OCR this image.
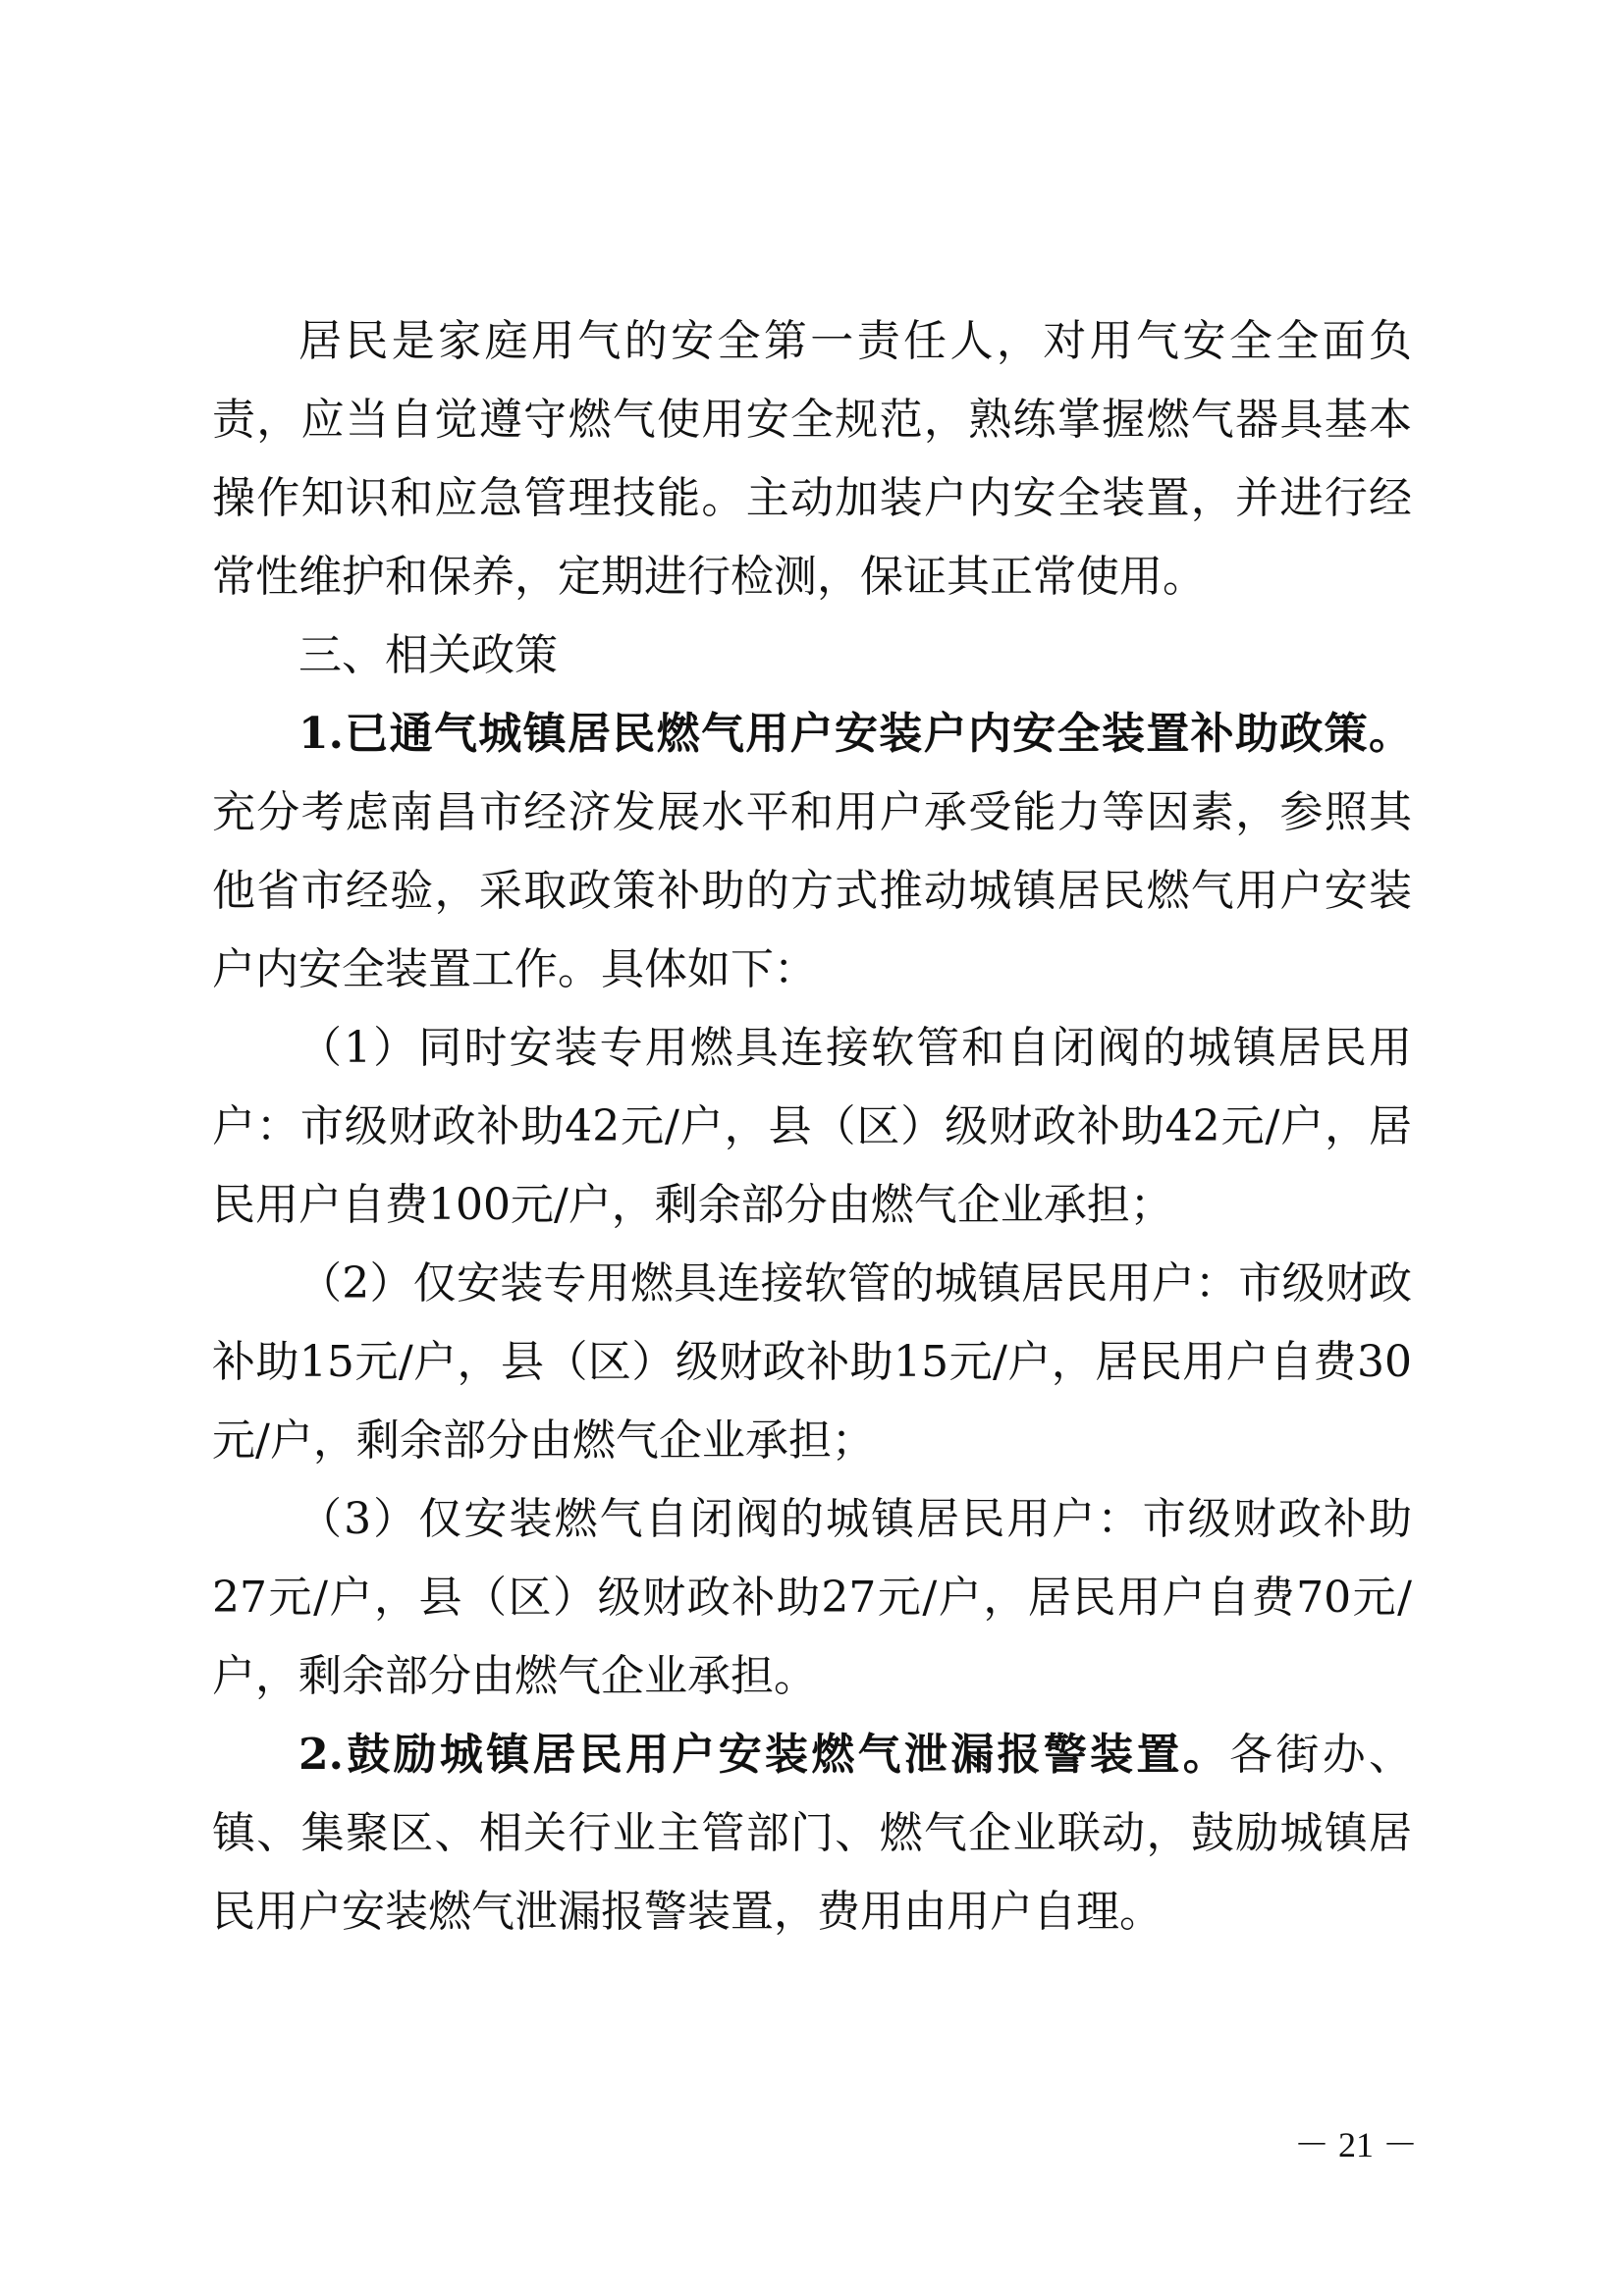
居民是家庭用气的安全第一责任人，对用气安全全面负责，应当自觉遵守燃气使用安全规范，熟练掌握燃气器具基本操作知识和应急管理技能。主动加装户内安全装置，并进行经常性维护和保养，定期进行检测，保证其正常使用。

三、相关政策

1.已通气城镇居民燃气用户安装户内安全装置补助政策。充分考虑南昌市经济发展水平和用户承受能力等因素，参照其他省市经验，采取政策补助的方式推动城镇居民燃气用户安装户内安全装置工作。具体如下：

（1）同时安装专用燃具连接软管和自闭阀的城镇居民用户：市级财政补助42元/户，县（区）级财政补助42元/户，居民用户自费100元/户，剩余部分由燃气企业承担；

（2）仅安装专用燃具连接软管的城镇居民用户：市级财政补助15元/户，县（区）级财政补助15元/户，居民用户自费30元/户，剩余部分由燃气企业承担；

（3）仅安装燃气自闭阀的城镇居民用户：市级财政补助27元/户，县（区）级财政补助27元/户，居民用户自费70元/户，剩余部分由燃气企业承担。

2.鼓励城镇居民用户安装燃气泄漏报警装置。各街办、镇、集聚区、相关行业主管部门、燃气企业联动，鼓励城镇居民用户安装燃气泄漏报警装置，费用由用户自理。

－ 21 －
